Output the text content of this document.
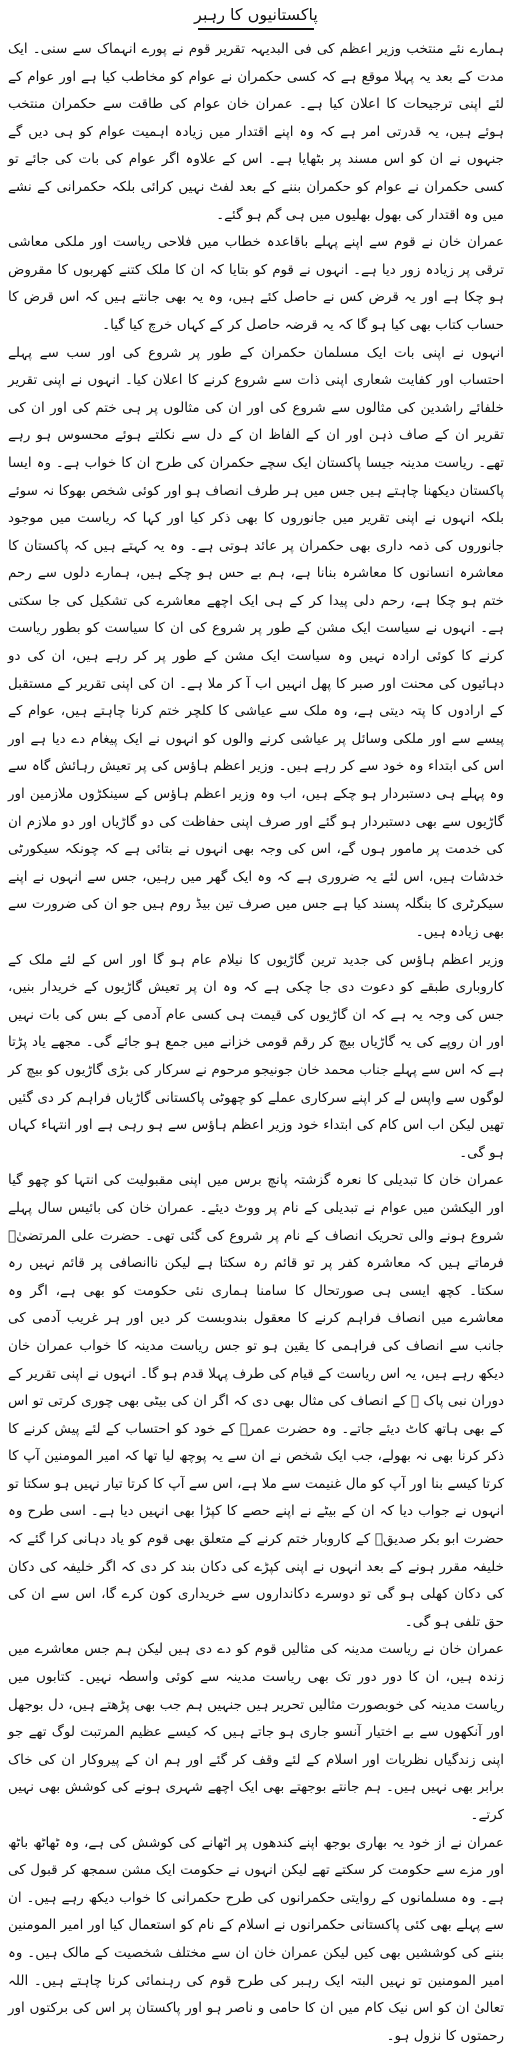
پاکستانیوں کا رہبر

ہمارے نئے منتخب وزیر اعظم کی فی البدیہہ تقریر قوم نے پورے انہماک سے سنی۔ ایک مدت کے بعد یہ پہلا موقع ہے کہ کسی حکمران نے عوام کو مخاطب کیا ہے اور عوام کے لئے اپنی ترجیحات کا اعلان کیا ہے۔ عمران خان عوام کی طاقت سے حکمران منتخب ہوئے ہیں، یہ قدرتی امر ہے کہ وہ اپنے اقتدار میں زیادہ اہمیت عوام کو ہی دیں گے جنہوں نے ان کو اس مسند پر بٹھایا ہے۔ اس کے علاوہ اگر عوام کی بات کی جائے تو کسی حکمران نے عوام کو حکمران بننے کے بعد لفٹ نہیں کرائی بلکہ حکمرانی کے نشے میں وہ اقتدار کی بھول بھلیوں میں ہی گم ہو گئے۔

عمران خان نے قوم سے اپنے پہلے باقاعدہ خطاب میں فلاحی ریاست اور ملکی معاشی ترقی پر زیادہ زور دیا ہے۔ انہوں نے قوم کو بتایا کہ ان کا ملک کتنے کھربوں کا مقروض ہو چکا ہے اور یہ قرض کس نے حاصل کئے ہیں، وہ یہ بھی جانتے ہیں کہ اس قرض کا حساب کتاب بھی کیا ہو گا کہ یہ قرضہ حاصل کر کے کہاں خرچ کیا گیا۔

انہوں نے اپنی بات ایک مسلمان حکمران کے طور پر شروع کی اور سب سے پہلے احتساب اور کفایت شعاری اپنی ذات سے شروع کرنے کا اعلان کیا۔ انہوں نے اپنی تقریر خلفائے راشدین کی مثالوں سے شروع کی اور ان کی مثالوں پر ہی ختم کی اور ان کی تقریر ان کے صاف ذہن اور ان کے الفاظ ان کے دل سے نکلتے ہوئے محسوس ہو رہے تھے۔ ریاست مدینہ جیسا پاکستان ایک سچے حکمران کی طرح ان کا خواب ہے۔ وہ ایسا پاکستان دیکھنا چاہتے ہیں جس میں ہر طرف انصاف ہو اور کوئی شخص بھوکا نہ سوئے بلکہ انہوں نے اپنی تقریر میں جانوروں کا بھی ذکر کیا اور کہا کہ ریاست میں موجود جانوروں کی ذمہ داری بھی حکمران پر عائد ہوتی ہے۔ وہ یہ کہتے ہیں کہ پاکستان کا معاشرہ انسانوں کا معاشرہ بنانا ہے، ہم بے حس ہو چکے ہیں، ہمارے دلوں سے رحم ختم ہو چکا ہے، رحم دلی پیدا کر کے ہی ایک اچھے معاشرے کی تشکیل کی جا سکتی ہے۔ انہوں نے سیاست ایک مشن کے طور پر شروع کی ان کا سیاست کو بطور ریاست کرنے کا کوئی ارادہ نہیں وہ سیاست ایک مشن کے طور پر کر رہے ہیں، ان کی دو دہائیوں کی محنت اور صبر کا پھل انہیں اب آ کر ملا ہے۔ ان کی اپنی تقریر کے مستقبل کے ارادوں کا پتہ دیتی ہے، وہ ملک سے عیاشی کا کلچر ختم کرنا چاہتے ہیں، عوام کے پیسے سے اور ملکی وسائل پر عیاشی کرنے والوں کو انہوں نے ایک پیغام دے دیا ہے اور اس کی ابتداء وہ خود سے کر رہے ہیں۔ وزیر اعظم ہاؤس کی پر تعیش رہائش گاہ سے وہ پہلے ہی دستبردار ہو چکے ہیں، اب وہ وزیر اعظم ہاؤس کے سینکڑوں ملازمین اور گاڑیوں سے بھی دستبردار ہو گئے اور صرف اپنی حفاظت کی دو گاڑیاں اور دو ملازم ان کی خدمت پر مامور ہوں گے، اس کی وجہ بھی انہوں نے بتائی ہے کہ چونکہ سیکورٹی خدشات ہیں، اس لئے یہ ضروری ہے کہ وہ ایک گھر میں رہیں، جس سے انہوں نے اپنے سیکرٹری کا بنگلہ پسند کیا ہے جس میں صرف تین بیڈ روم ہیں جو ان کی ضرورت سے بھی زیادہ ہیں۔

وزیر اعظم ہاؤس کی جدید ترین گاڑیوں کا نیلام عام ہو گا اور اس کے لئے ملک کے کاروباری طبقے کو دعوت دی جا چکی ہے کہ وہ ان پر تعیش گاڑیوں کے خریدار بنیں، جس کی وجہ یہ ہے کہ ان گاڑیوں کی قیمت ہی کسی عام آدمی کے بس کی بات نہیں اور ان روپے کی یہ گاڑیاں بیچ کر رقم قومی خزانے میں جمع ہو جائے گی۔ مجھے یاد پڑتا ہے کہ اس سے پہلے جناب محمد خان جونیجو مرحوم نے سرکار کی بڑی گاڑیوں کو بیچ کر لوگوں سے واپس لے کر اپنے سرکاری عملے کو چھوٹی پاکستانی گاڑیاں فراہم کر دی گئیں تھیں لیکن اب اس کام کی ابتداء خود وزیر اعظم ہاؤس سے ہو رہی ہے اور انتہاء کہاں ہو گی۔

عمران خان کا تبدیلی کا نعرہ گزشتہ پانچ برس میں اپنی مقبولیت کی انتہا کو چھو گیا اور الیکشن میں عوام نے تبدیلی کے نام پر ووٹ دیئے۔ عمران خان کی بائیس سال پہلے شروع ہونے والی تحریک انصاف کے نام پر شروع کی گئی تھی۔ حضرت علی المرتضیٰؓ فرماتے ہیں کہ معاشرہ کفر پر تو قائم رہ سکتا ہے لیکن ناانصافی پر قائم نہیں رہ سکتا۔ کچھ ایسی ہی صورتحال کا سامنا ہماری نئی حکومت کو بھی ہے، اگر وہ معاشرے میں انصاف فراہم کرنے کا معقول بندوبست کر دیں اور ہر غریب آدمی کی جانب سے انصاف کی فراہمی کا یقین ہو تو جس ریاست مدینہ کا خواب عمران خان دیکھ رہے ہیں، یہ اس ریاست کے قیام کی طرف پہلا قدم ہو گا۔ انہوں نے اپنی تقریر کے دوران نبی پاک ﷺ کے انصاف کی مثال بھی دی کہ اگر ان کی بیٹی بھی چوری کرتی تو اس کے بھی ہاتھ کاٹ دیئے جاتے۔ وہ حضرت عمرؓ کے خود کو احتساب کے لئے پیش کرنے کا ذکر کرنا بھی نہ بھولے، جب ایک شخص نے ان سے یہ پوچھ لیا تھا کہ امیر المومنین آپ کا کرتا کیسے بنا اور آپ کو مال غنیمت سے ملا ہے، اس سے آپ کا کرتا تیار نہیں ہو سکتا تو انہوں نے جواب دیا کہ ان کے بیٹے نے اپنے حصے کا کپڑا بھی انہیں دیا ہے۔ اسی طرح وہ حضرت ابو بکر صدیقؓ کے کاروبار ختم کرنے کے متعلق بھی قوم کو یاد دہانی کرا گئے کہ خلیفہ مقرر ہونے کے بعد انہوں نے اپنی کپڑے کی دکان بند کر دی کہ اگر خلیفہ کی دکان کی دکان کھلی ہو گی تو دوسرے دکانداروں سے خریداری کون کرے گا، اس سے ان کی حق تلفی ہو گی۔

عمران خان نے ریاست مدینہ کی مثالیں قوم کو دے دی ہیں لیکن ہم جس معاشرے میں زندہ ہیں، ان کا دور دور تک بھی ریاست مدینہ سے کوئی واسطہ نہیں۔ کتابوں میں ریاست مدینہ کی خوبصورت مثالیں تحریر ہیں جنہیں ہم جب بھی پڑھتے ہیں، دل بوجھل اور آنکھوں سے بے اختیار آنسو جاری ہو جاتے ہیں کہ کیسے عظیم المرتبت لوگ تھے جو اپنی زندگیاں نظریات اور اسلام کے لئے وقف کر گئے اور ہم ان کے پیروکار ان کی خاک برابر بھی نہیں ہیں۔ ہم جانتے بوجھتے بھی ایک اچھے شہری ہونے کی کوشش بھی نہیں کرتے۔

عمران نے از خود یہ بھاری بوجھ اپنے کندھوں پر اٹھانے کی کوشش کی ہے، وہ ٹھاٹھ باٹھ اور مزے سے حکومت کر سکتے تھے لیکن انہوں نے حکومت ایک مشن سمجھ کر قبول کی ہے۔ وہ مسلمانوں کے روایتی حکمرانوں کی طرح حکمرانی کا خواب دیکھ رہے ہیں۔ ان سے پہلے بھی کئی پاکستانی حکمرانوں نے اسلام کے نام کو استعمال کیا اور امیر المومنین بننے کی کوششیں بھی کیں لیکن عمران خان ان سے مختلف شخصیت کے مالک ہیں۔ وہ امیر المومنین تو نہیں البتہ ایک رہبر کی طرح قوم کی رہنمائی کرنا چاہتے ہیں۔ اللہ تعالیٰ ان کو اس نیک کام میں ان کا حامی و ناصر ہو اور پاکستان پر اس کی برکتوں اور رحمتوں کا نزول ہو۔
